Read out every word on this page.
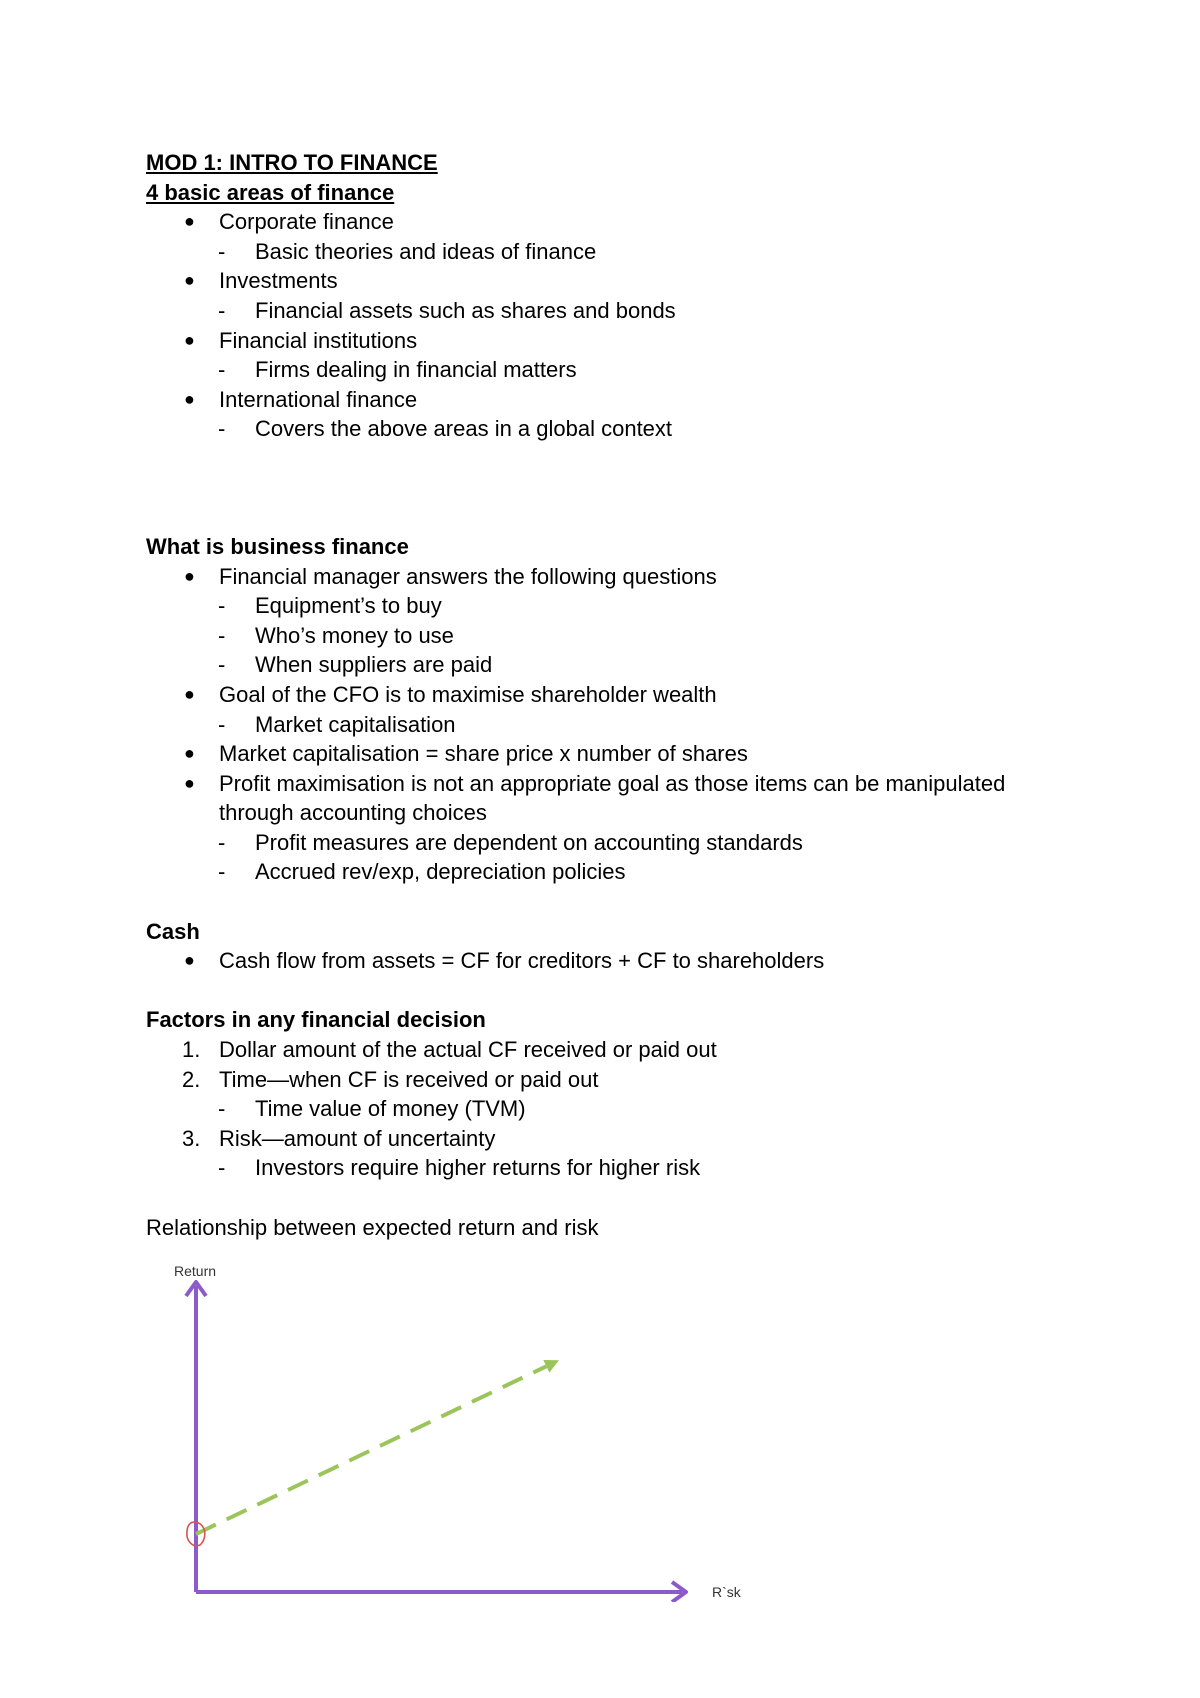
MOD 1: INTRO TO FINANCE
4 basic areas of finance
● Corporate finance
- Basic theories and ideas of finance
● Investments
- Financial assets such as shares and bonds
● Financial institutions
- Firms dealing in financial matters
● International finance
- Covers the above areas in a global context
What is business finance
● Financial manager answers the following questions
- Equipment’s to buy
- Who’s money to use
- When suppliers are paid
● Goal of the CFO is to maximise shareholder wealth
- Market capitalisation
● Market capitalisation = share price x number of shares
● Profit maximisation is not an appropriate goal as those items can be manipulated
through accounting choices
- Profit measures are dependent on accounting standards
- Accrued rev/exp, depreciation policies
Cash
● Cash flow from assets = CF for creditors + CF to shareholders
Factors in any financial decision
1. Dollar amount of the actual CF received or paid out
2. Time—when CF is received or paid out
- Time value of money (TVM)
3. Risk—amount of uncertainty
- Investors require higher returns for higher risk
Relationship between expected return and risk
Return
R`sk
